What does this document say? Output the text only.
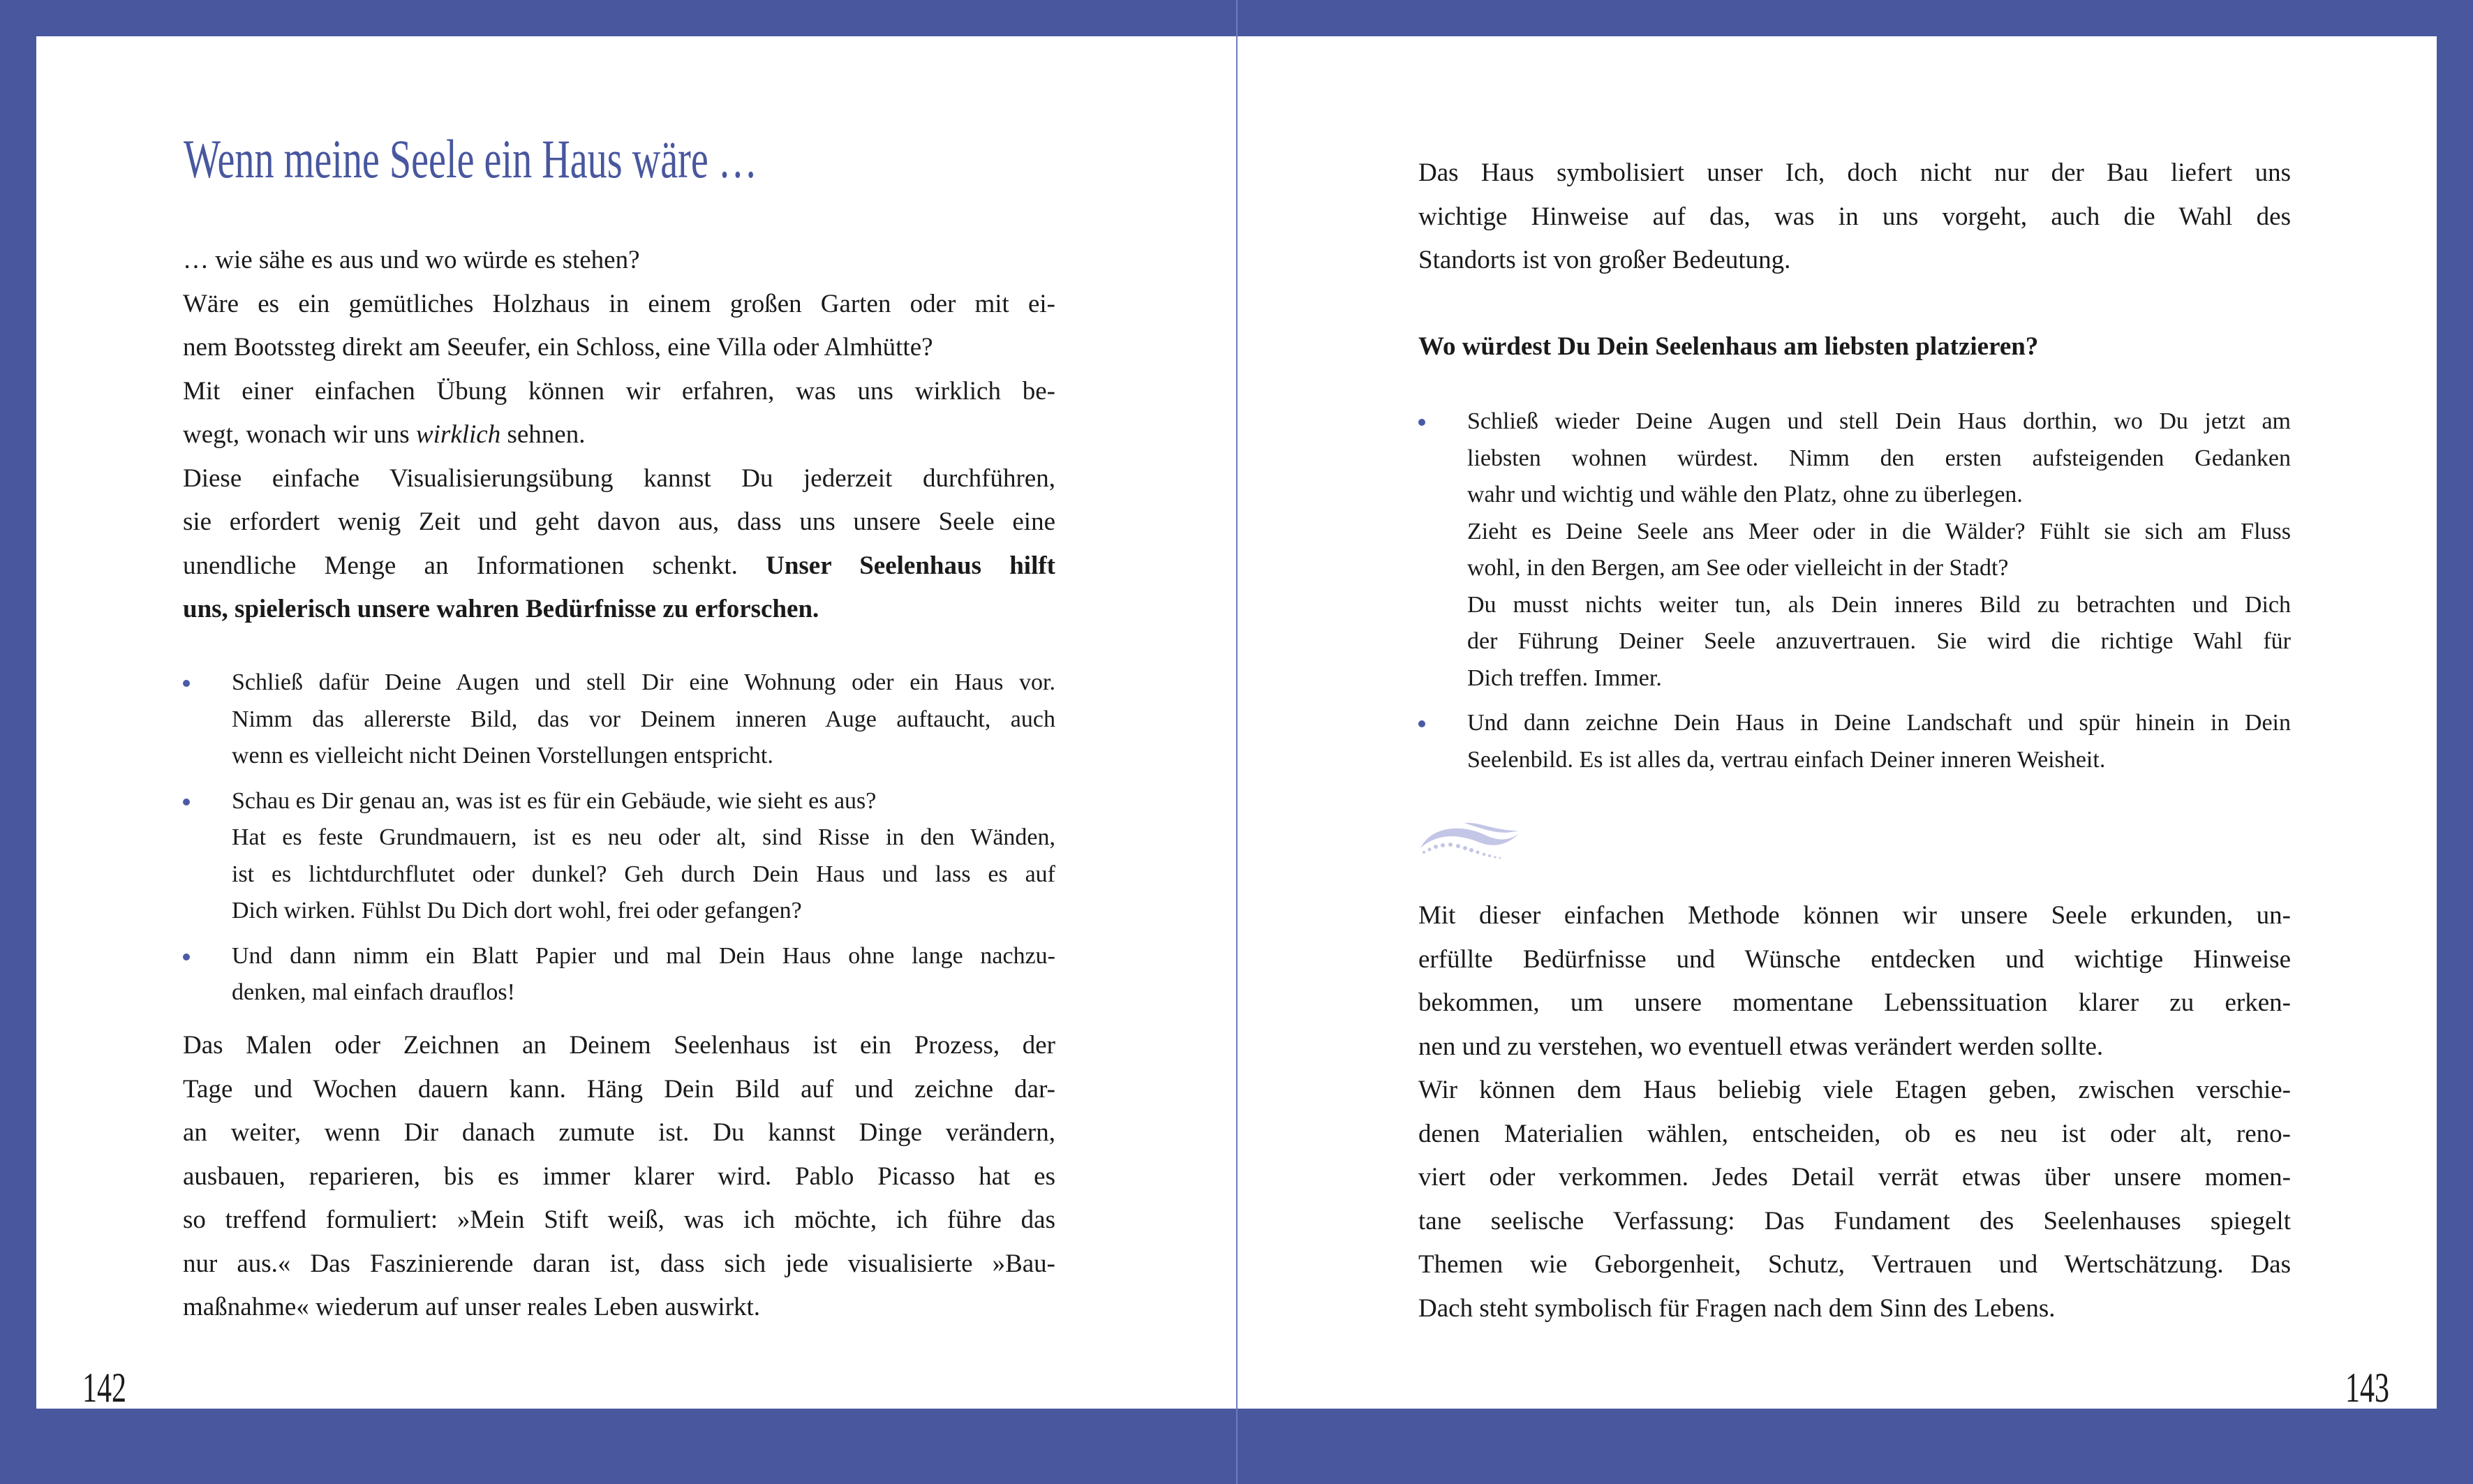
Wenn meine Seele ein Haus wäre …
… wie sähe es aus und wo würde es stehen?
Wäre es ein gemütliches Holzhaus in einem großen Garten oder mit ei-
nem Bootssteg direkt am Seeufer, ein Schloss, eine Villa oder Almhütte?
Mit einer einfachen Übung können wir erfahren, was uns wirklich be-
wegt, wonach wir uns wirklich sehnen.
Diese einfache Visualisierungsübung kannst Du jederzeit durchführen,
sie erfordert wenig Zeit und geht davon aus, dass uns unsere Seele eine
unendliche Menge an Informationen schenkt. Unser Seelenhaus hilft
uns, spielerisch unsere wahren Bedürfnisse zu erforschen.
Schließ dafür Deine Augen und stell Dir eine Wohnung oder ein Haus vor.
Nimm das allererste Bild, das vor Deinem inneren Auge auftaucht, auch
wenn es vielleicht nicht Deinen Vorstellungen entspricht.
Schau es Dir genau an, was ist es für ein Gebäude, wie sieht es aus?
Hat es feste Grundmauern, ist es neu oder alt, sind Risse in den Wänden,
ist es lichtdurchflutet oder dunkel? Geh durch Dein Haus und lass es auf
Dich wirken. Fühlst Du Dich dort wohl, frei oder gefangen?
Und dann nimm ein Blatt Papier und mal Dein Haus ohne lange nachzu-
denken, mal einfach drauflos!
Das Malen oder Zeichnen an Deinem Seelenhaus ist ein Prozess, der
Tage und Wochen dauern kann. Häng Dein Bild auf und zeichne dar-
an weiter, wenn Dir danach zumute ist. Du kannst Dinge verändern,
ausbauen, reparieren, bis es immer klarer wird. Pablo Picasso hat es
so treffend formuliert: »Mein Stift weiß, was ich möchte, ich führe das
nur aus.« Das Faszinierende daran ist, dass sich jede visualisierte »Bau-
maßnahme« wiederum auf unser reales Leben auswirkt.
142
Das Haus symbolisiert unser Ich, doch nicht nur der Bau liefert uns
wichtige Hinweise auf das, was in uns vorgeht, auch die Wahl des
Standorts ist von großer Bedeutung.
Wo würdest Du Dein Seelenhaus am liebsten platzieren?
Schließ wieder Deine Augen und stell Dein Haus dorthin, wo Du jetzt am
liebsten wohnen würdest. Nimm den ersten aufsteigenden Gedanken
wahr und wichtig und wähle den Platz, ohne zu überlegen.
Zieht es Deine Seele ans Meer oder in die Wälder? Fühlt sie sich am Fluss
wohl, in den Bergen, am See oder vielleicht in der Stadt?
Du musst nichts weiter tun, als Dein inneres Bild zu betrachten und Dich
der Führung Deiner Seele anzuvertrauen. Sie wird die richtige Wahl für
Dich treffen. Immer.
Und dann zeichne Dein Haus in Deine Landschaft und spür hinein in Dein
Seelenbild. Es ist alles da, vertrau einfach Deiner inneren Weisheit.
Mit dieser einfachen Methode können wir unsere Seele erkunden, un-
erfüllte Bedürfnisse und Wünsche entdecken und wichtige Hinweise
bekommen, um unsere momentane Lebenssituation klarer zu erken-
nen und zu verstehen, wo eventuell etwas verändert werden sollte.
Wir können dem Haus beliebig viele Etagen geben, zwischen verschie-
denen Materialien wählen, entscheiden, ob es neu ist oder alt, reno-
viert oder verkommen. Jedes Detail verrät etwas über unsere momen-
tane seelische Verfassung: Das Fundament des Seelenhauses spiegelt
Themen wie Geborgenheit, Schutz, Vertrauen und Wertschätzung. Das
Dach steht symbolisch für Fragen nach dem Sinn des Lebens.
143
